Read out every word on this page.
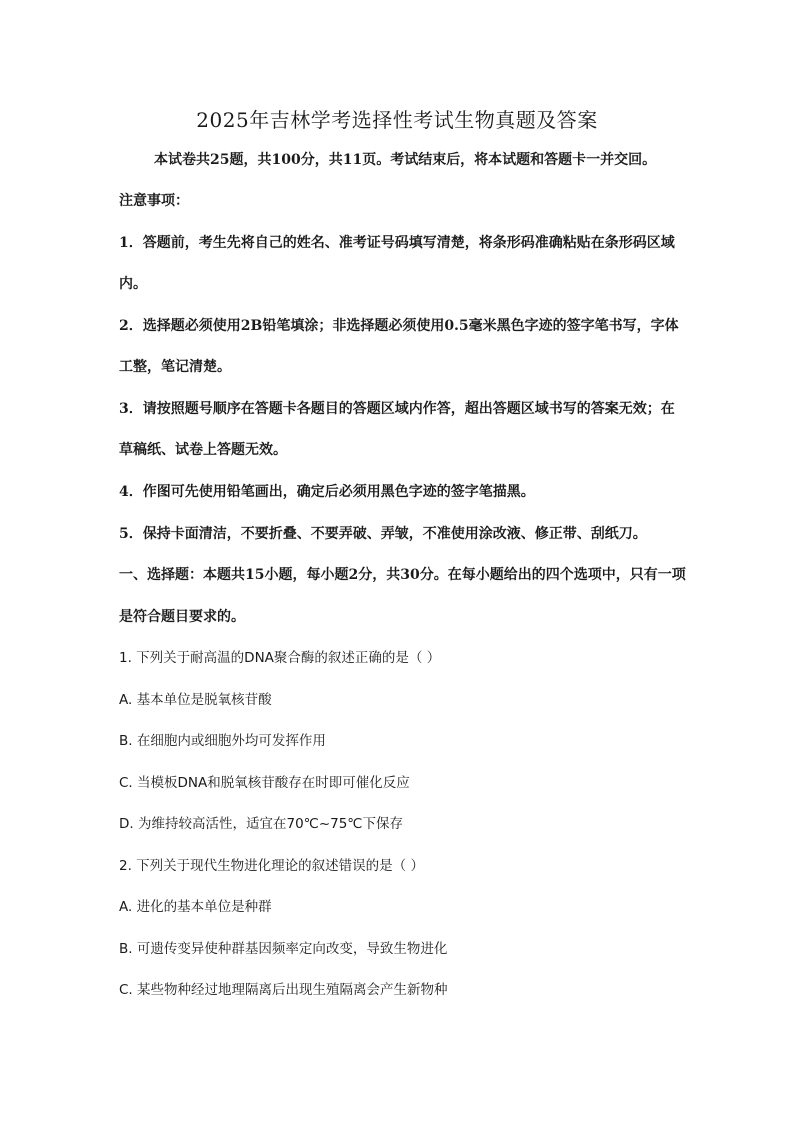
2025年吉林学考选择性考试生物真题及答案
本试卷共25题，共100分，共11页。考试结束后，将本试题和答题卡一并交回。
注意事项：
1．答题前，考生先将自己的姓名、准考证号码填写清楚，将条形码准确粘贴在条形码区域
内。
2．选择题必须使用2B铅笔填涂；非选择题必须使用0.5毫米黑色字迹的签字笔书写，字体
工整，笔记清楚。
3．请按照题号顺序在答题卡各题目的答题区域内作答，超出答题区域书写的答案无效；在
草稿纸、试卷上答题无效。
4．作图可先使用铅笔画出，确定后必须用黑色字迹的签字笔描黑。
5．保持卡面清洁，不要折叠、不要弄破、弄皱，不准使用涂改液、修正带、刮纸刀。
一、选择题：本题共15小题，每小题2分，共30分。在每小题给出的四个选项中，只有一项
是符合题目要求的。
1. 下列关于耐高温的DNA聚合酶的叙述正确的是（ ）
A. 基本单位是脱氧核苷酸
B. 在细胞内或细胞外均可发挥作用
C. 当模板DNA和脱氧核苷酸存在时即可催化反应
D. 为维持较高活性，适宜在70℃~75℃下保存
2. 下列关于现代生物进化理论的叙述错误的是（ ）
A. 进化的基本单位是种群
B. 可遗传变异使种群基因频率定向改变，导致生物进化
C. 某些物种经过地理隔离后出现生殖隔离会产生新物种
